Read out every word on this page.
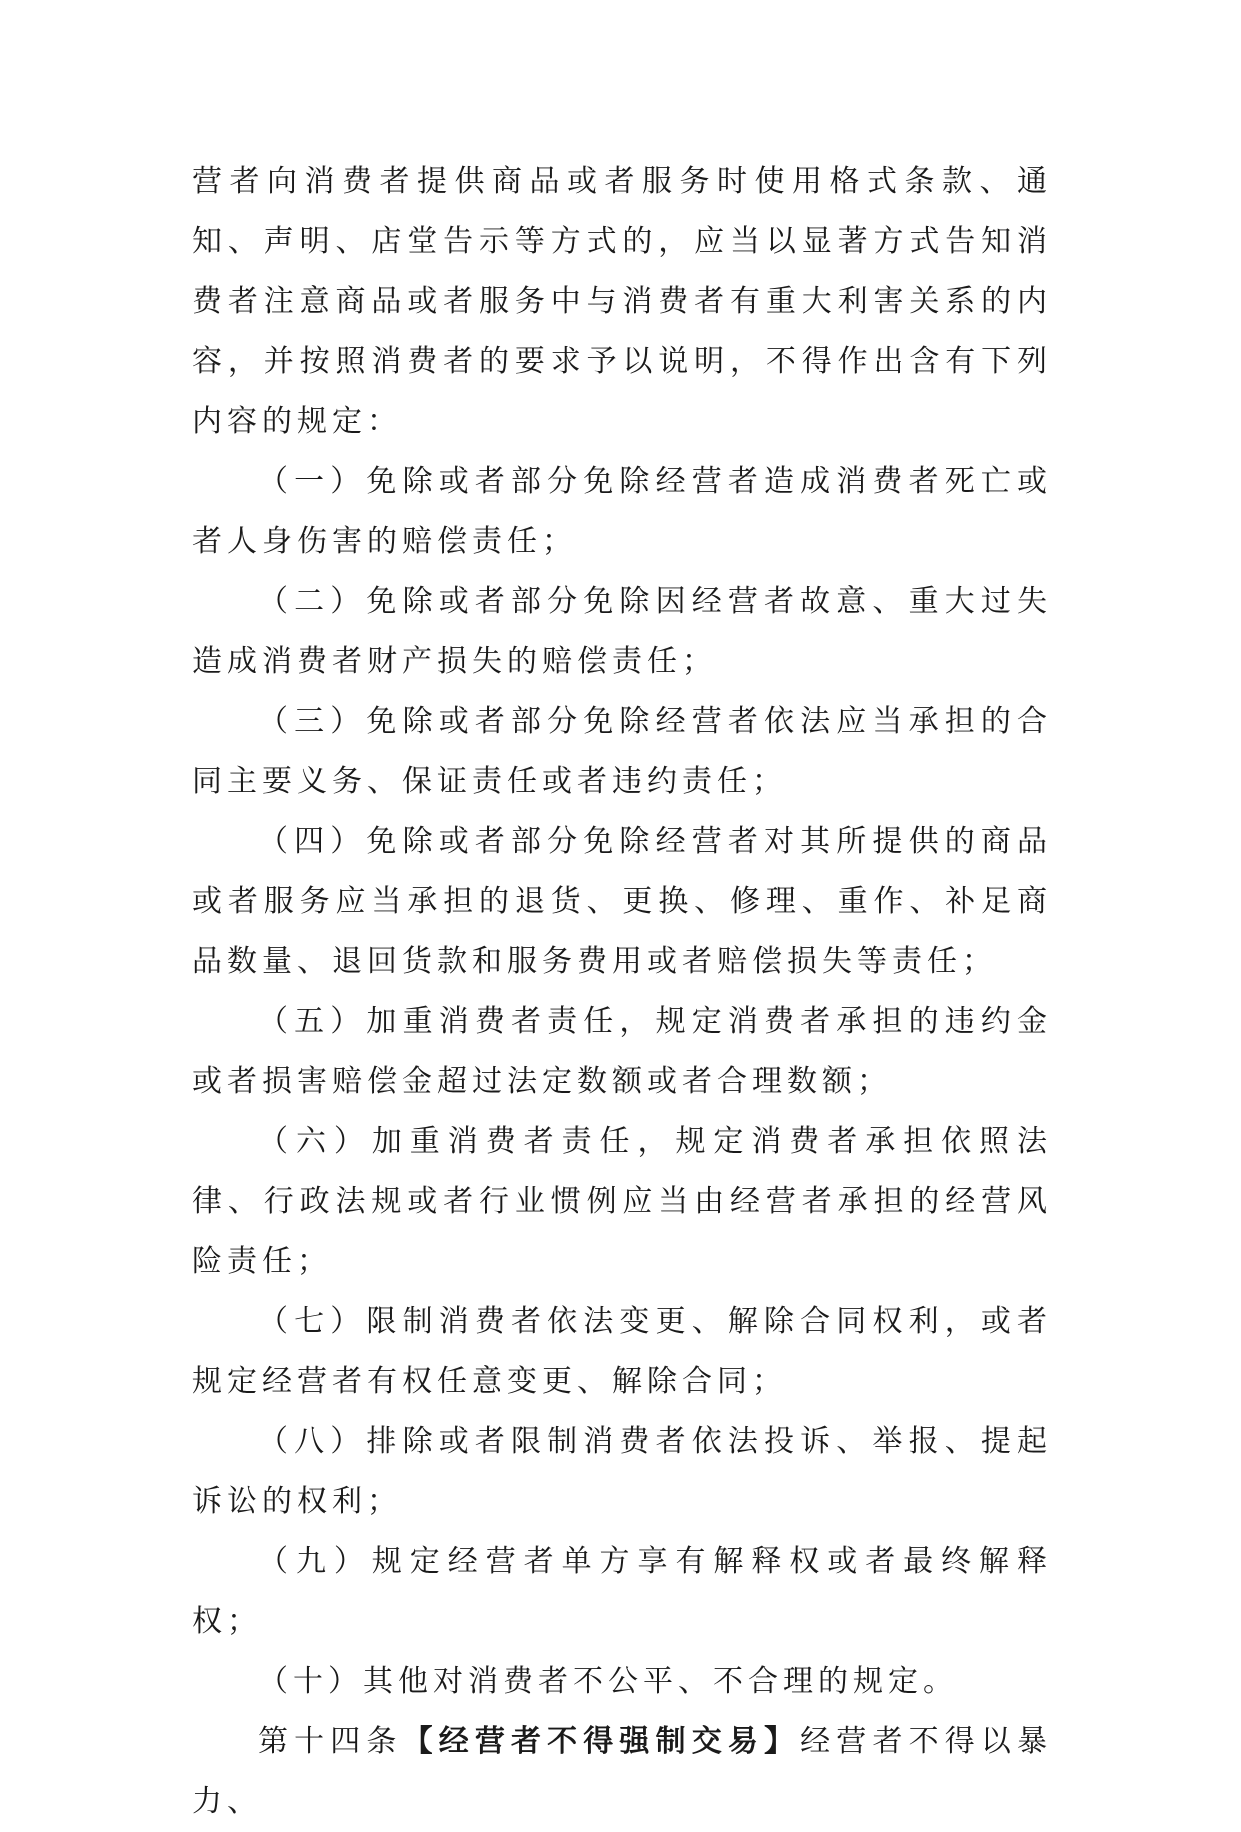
营者向消费者提供商品或者服务时使用格式条款、通知、声明、店堂告示等方式的，应当以显著方式告知消费者注意商品或者服务中与消费者有重大利害关系的内容，并按照消费者的要求予以说明，不得作出含有下列内容的规定：

（一）免除或者部分免除经营者造成消费者死亡或者人身伤害的赔偿责任；

（二）免除或者部分免除因经营者故意、重大过失造成消费者财产损失的赔偿责任；

（三）免除或者部分免除经营者依法应当承担的合同主要义务、保证责任或者违约责任；

（四）免除或者部分免除经营者对其所提供的商品或者服务应当承担的退货、更换、修理、重作、补足商品数量、退回货款和服务费用或者赔偿损失等责任；

（五）加重消费者责任，规定消费者承担的违约金或者损害赔偿金超过法定数额或者合理数额；

（六）加重消费者责任，规定消费者承担依照法律、行政法规或者行业惯例应当由经营者承担的经营风险责任；

（七）限制消费者依法变更、解除合同权利，或者规定经营者有权任意变更、解除合同；

（八）排除或者限制消费者依法投诉、举报、提起诉讼的权利；

（九）规定经营者单方享有解释权或者最终解释权；

（十）其他对消费者不公平、不合理的规定。

第十四条【经营者不得强制交易】经营者不得以暴力、
